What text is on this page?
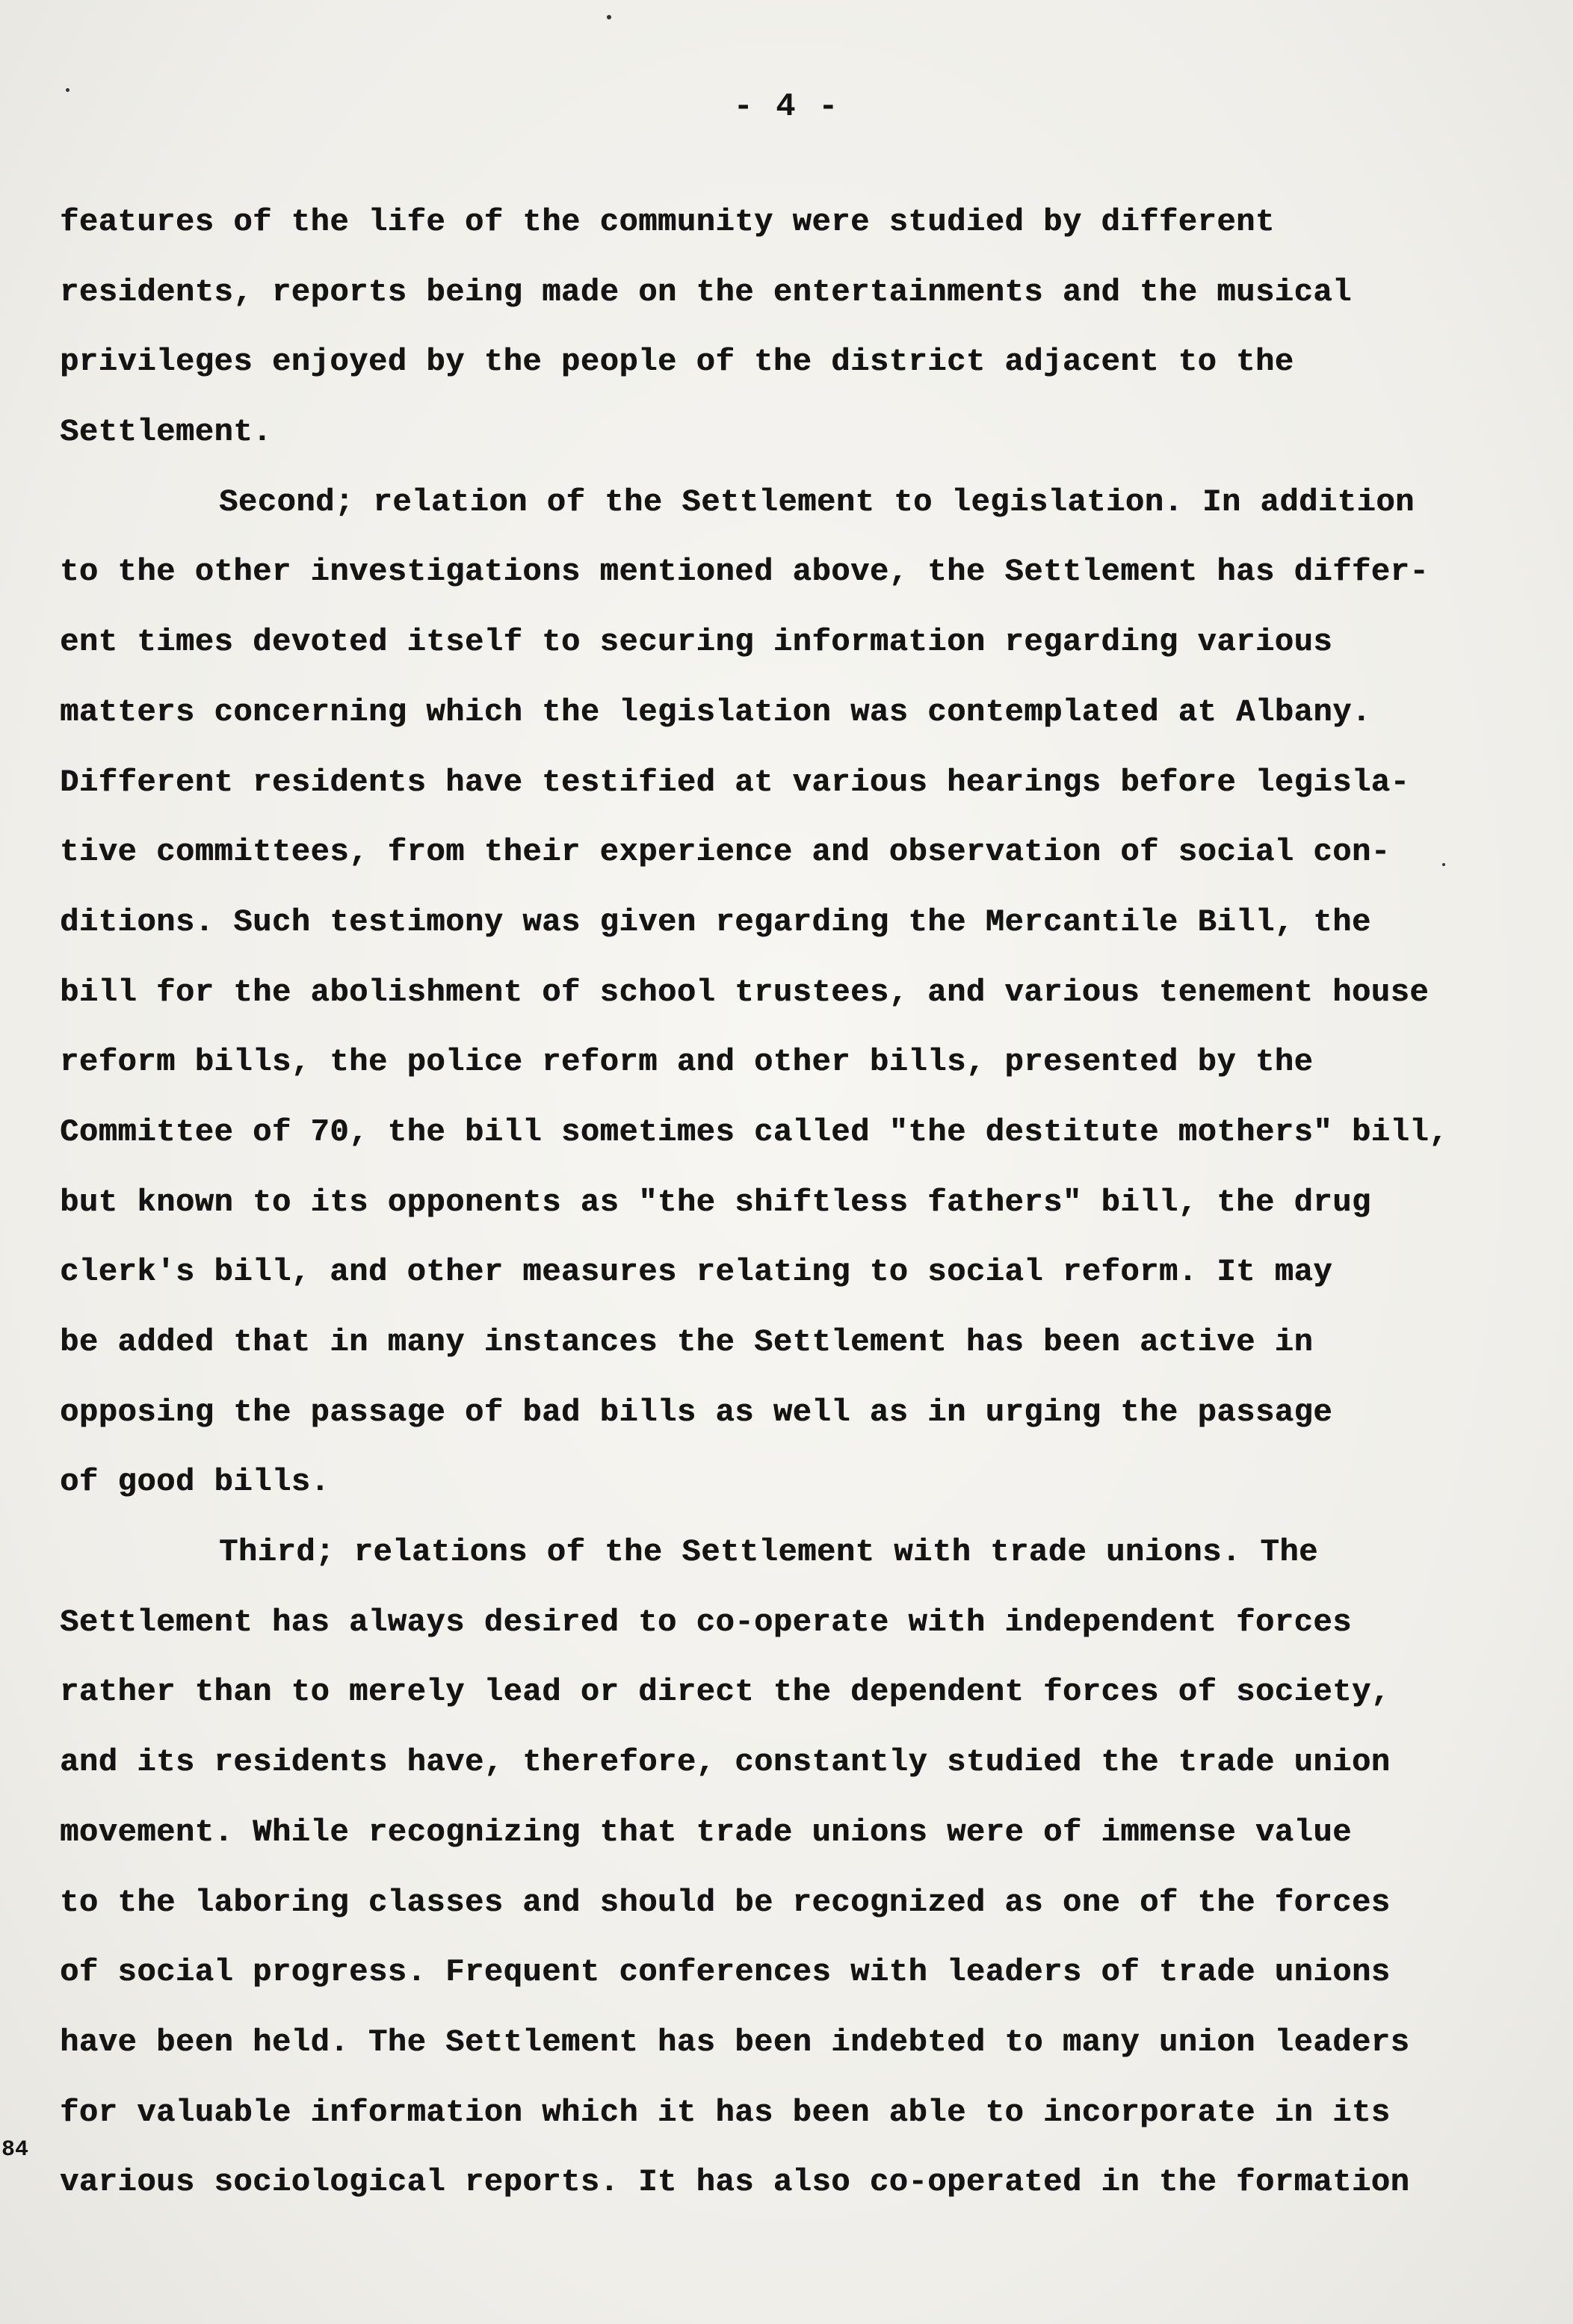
- 4 -
features of the life of the community were studied by different
residents, reports being made on the entertainments and the musical
privileges enjoyed by the people of the district adjacent to the
Settlement.
Second; relation of the Settlement to legislation. In addition
to the other investigations mentioned above, the Settlement has differ-
ent times devoted itself to securing information regarding various
matters concerning which the legislation was contemplated at Albany.
Different residents have testified at various hearings before legisla-
tive committees, from their experience and observation of social con-
ditions. Such testimony was given regarding the Mercantile Bill, the
bill for the abolishment of school trustees, and various tenement house
reform bills, the police reform and other bills, presented by the
Committee of 70, the bill sometimes called "the destitute mothers" bill,
but known to its opponents as "the shiftless fathers" bill, the drug
clerk's bill, and other measures relating to social reform. It may
be added that in many instances the Settlement has been active in
opposing the passage of bad bills as well as in urging the passage
of good bills.
Third; relations of the Settlement with trade unions. The
Settlement has always desired to co-operate with independent forces
rather than to merely lead or direct the dependent forces of society,
and its residents have, therefore, constantly studied the trade union
movement. While recognizing that trade unions were of immense value
to the laboring classes and should be recognized as one of the forces
of social progress. Frequent conferences with leaders of trade unions
have been held. The Settlement has been indebted to many union leaders
for valuable information which it has been able to incorporate in its
various sociological reports. It has also co-operated in the formation
84
